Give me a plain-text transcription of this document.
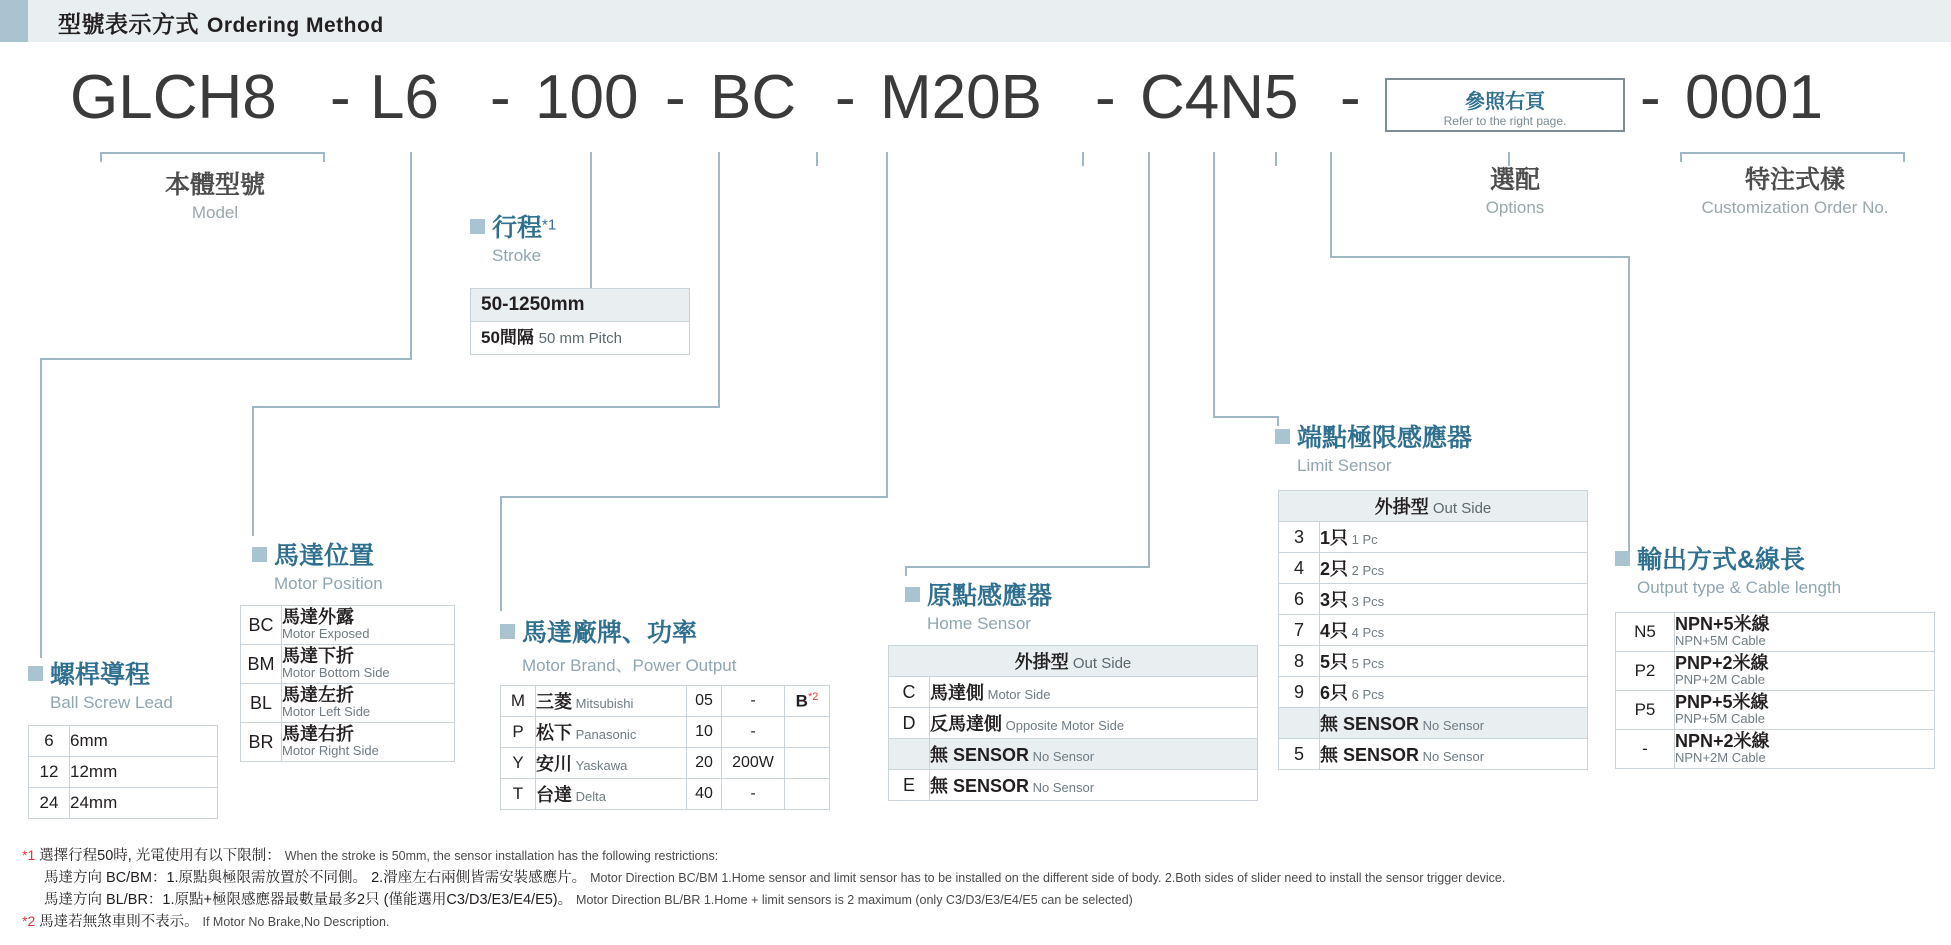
型號表示方式 Ordering Method
GLCH8 - L6 - 100 - BC - M20B - C4N5 -	- 0001
參照右頁
Refer to the right page.
本體型號
Model
行程*1
Stroke
選配
Options
特注式樣
Customization Order No.
50-1250mm
50間隔 50 mm Pitch
端點極限感應器
Limit Sensor
外掛型 Out Side	
3	1只 1 Pc
4	2只 2 Pcs
6	3只 3 Pcs
7	4只 4 Pcs
8	5只 5 Pcs
9	6只 6 Pcs
	無 SENSOR No Sensor
5	無 SENSOR No Sensor
馬達位置
Motor Position
BC	馬達外露
Motor Exposed

BM	馬達下折
Motor Bottom Side

BL	馬達左折
Motor Left Side

BR	馬達右折
Motor Right Side
馬達廠牌、功率
Motor Brand、Power Output
M	三菱 Mitsubishi	05	-	$B^{*2}$
P	松下 Panasonic	10	-	
Y	安川 Yaskawa	20	200W	
T	台達 Delta	40	-	
原點感應器
Home Sensor
外掛型 Out Side	
C	馬達側 Motor Side
D	反馬達側 Opposite Motor Side
	無 SENSOR No Sensor
E	無 SENSOR No Sensor
輸出方式&線長
Output type & Cable length
N5	NPN+5米線
NPN+5M Cable

P2	PNP+2米線
PNP+2M Cable

P5	PNP+5米線
PNP+5M Cable

-	NPN+2米線
NPN+2M Cable
螺桿導程
Ball Screw Lead
6	6mm
12	12mm
24	24mm
*1 選擇行程50時, 光電使用有以下限制： When the stroke is 50mm, the sensor installation has the following restrictions:
馬達方向 BC/BM：1.原點與極限需放置於不同側。 2.滑座左右兩側皆需安裝感應片。 Motor Direction BC/BM 1.Home sensor and limit sensor has to be installed on the different side of body. 2.Both sides of slider need to install the sensor trigger device.
馬達方向 BL/BR：1.原點+極限感應器最數量最多2只 (僅能選用C3/D3/E3/E4/E5)。 Motor Direction BL/BR 1.Home + limit sensors is 2 maximum (only C3/D3/E3/E4/E5 can be selected)
*2 馬達若無煞車則不表示。 If Motor No Brake,No Description.
